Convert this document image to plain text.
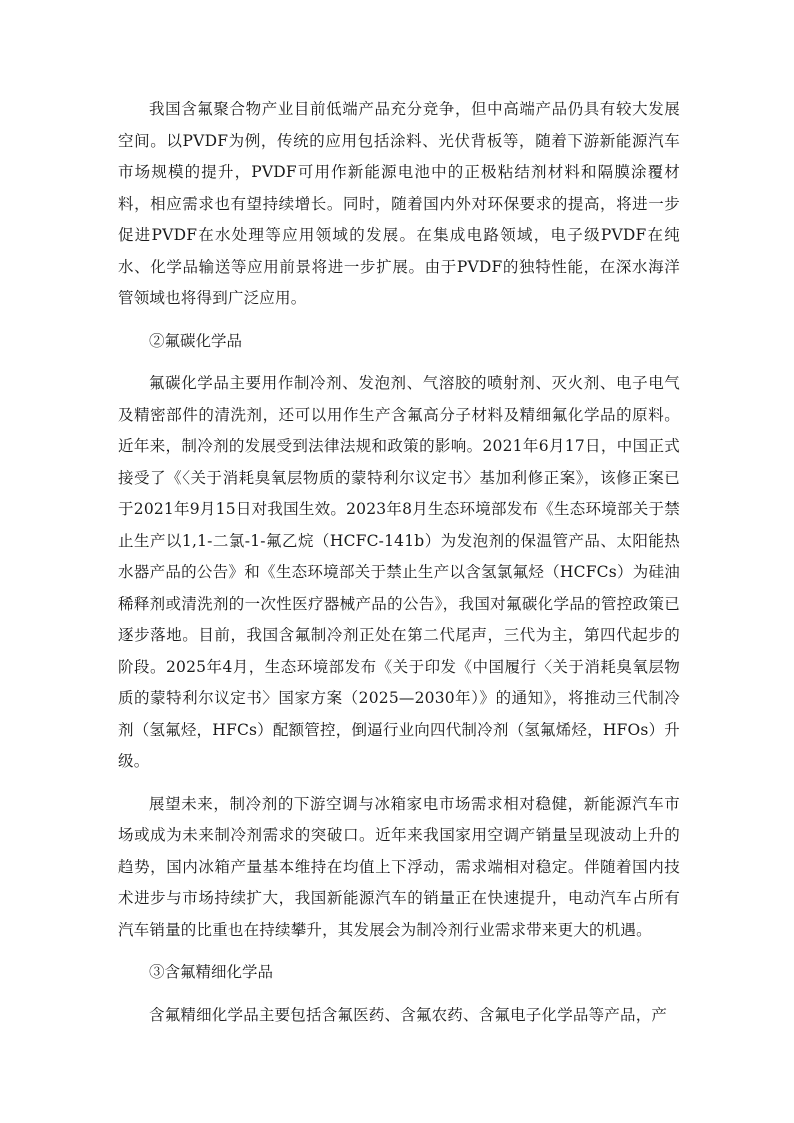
我国含氟聚合物产业目前低端产品充分竞争，但中高端产品仍具有较大发展空间。以PVDF为例，传统的应用包括涂料、光伏背板等，随着下游新能源汽车市场规模的提升，PVDF可用作新能源电池中的正极粘结剂材料和隔膜涂覆材料，相应需求也有望持续增长。同时，随着国内外对环保要求的提高，将进一步促进PVDF在水处理等应用领域的发展。在集成电路领域，电子级PVDF在纯水、化学品输送等应用前景将进一步扩展。由于PVDF的独特性能，在深水海洋管领域也将得到广泛应用。

②氟碳化学品

氟碳化学品主要用作制冷剂、发泡剂、气溶胶的喷射剂、灭火剂、电子电气及精密部件的清洗剂，还可以用作生产含氟高分子材料及精细氟化学品的原料。近年来，制冷剂的发展受到法律法规和政策的影响。2021年6月17日，中国正式接受了《〈关于消耗臭氧层物质的蒙特利尔议定书〉基加利修正案》，该修正案已于2021年9月15日对我国生效。2023年8月生态环境部发布《生态环境部关于禁止生产以1,1-二氯-1-氟乙烷（HCFC-141b）为发泡剂的保温管产品、太阳能热水器产品的公告》和《生态环境部关于禁止生产以含氢氯氟烃（HCFCs）为硅油稀释剂或清洗剂的一次性医疗器械产品的公告》，我国对氟碳化学品的管控政策已逐步落地。目前，我国含氟制冷剂正处在第二代尾声，三代为主，第四代起步的阶段。2025年4月，生态环境部发布《关于印发《中国履行〈关于消耗臭氧层物质的蒙特利尔议定书〉国家方案（2025—2030年）》的通知》，将推动三代制冷剂（氢氟烃，HFCs）配额管控，倒逼行业向四代制冷剂（氢氟烯烃，HFOs）升级。

展望未来，制冷剂的下游空调与冰箱家电市场需求相对稳健，新能源汽车市场或成为未来制冷剂需求的突破口。近年来我国家用空调产销量呈现波动上升的趋势，国内冰箱产量基本维持在均值上下浮动，需求端相对稳定。伴随着国内技术进步与市场持续扩大，我国新能源汽车的销量正在快速提升，电动汽车占所有汽车销量的比重也在持续攀升，其发展会为制冷剂行业需求带来更大的机遇。

③含氟精细化学品

含氟精细化学品主要包括含氟医药、含氟农药、含氟电子化学品等产品，产
